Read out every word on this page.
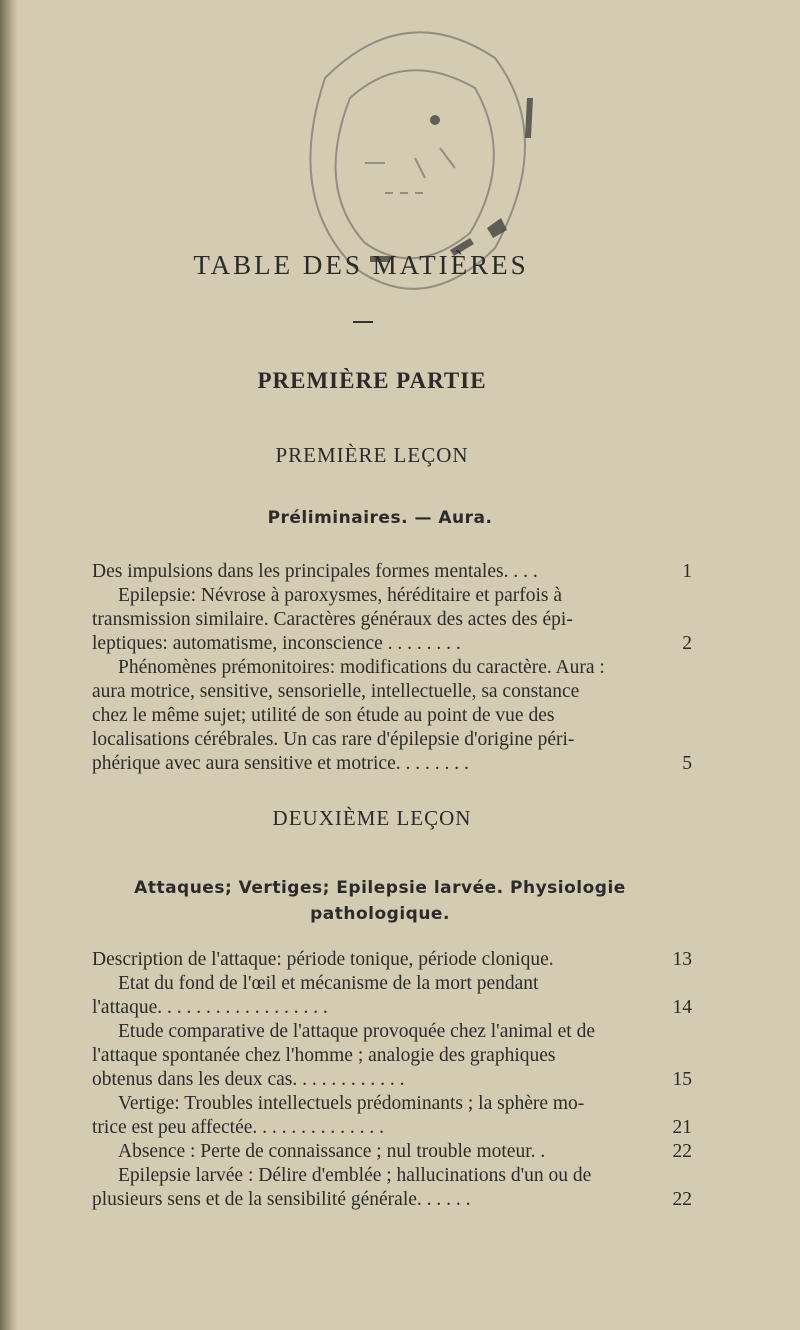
TABLE DES MATIÈRES
PREMIÈRE PARTIE
PREMIÈRE LEÇON
Préliminaires. — Aura.
Des impulsions dans les principales formes mentales. . . .	1
Epilepsie: Névrose à paroxysmes, héréditaire et parfois à
transmission similaire. Caractères généraux des actes des épi-
leptiques: automatisme, inconscience . . . . . . . .	2
Phénomènes prémonitoires: modifications du caractère. Aura :
aura motrice, sensitive, sensorielle, intellectuelle, sa constance
chez le même sujet; utilité de son étude au point de vue des
localisations cérébrales. Un cas rare d'épilepsie d'origine péri-
phérique avec aura sensitive et motrice. . . . . . . .	5
DEUXIÈME LEÇON
Attaques; Vertiges; Epilepsie larvée. Physiologie
pathologique.
Description de l'attaque: période tonique, période clonique.	13
Etat du fond de l'œil et mécanisme de la mort pendant
l'attaque. . . . . . . . . . . . . . . . . .	14
Etude comparative de l'attaque provoquée chez l'animal et de
l'attaque spontanée chez l'homme ; analogie des graphiques
obtenus dans les deux cas. . . . . . . . . . . .	15
Vertige: Troubles intellectuels prédominants ; la sphère mo-
trice est peu affectée. . . . . . . . . . . . . .	21
Absence : Perte de connaissance ; nul trouble moteur. .	22
Epilepsie larvée : Délire d'emblée ; hallucinations d'un ou de
plusieurs sens et de la sensibilité générale. . . . . .	22
